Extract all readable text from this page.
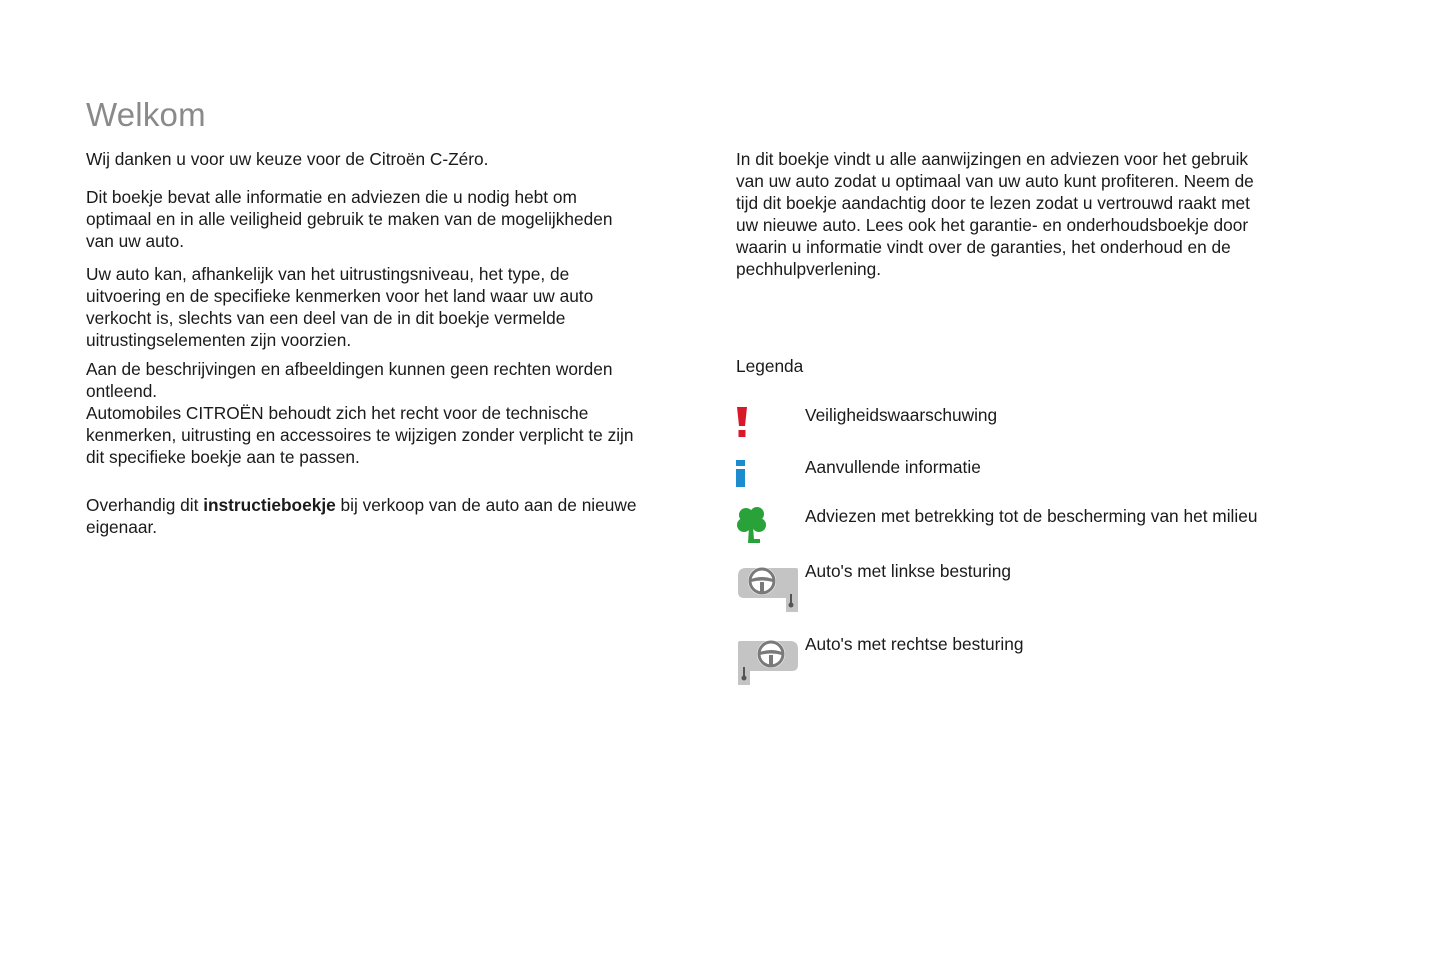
Welkom

Wij danken u voor uw keuze voor de Citroën C-Zéro.

Dit boekje bevat alle informatie en adviezen die u nodig hebt om
optimaal en in alle veiligheid gebruik te maken van de mogelijkheden
van uw auto.

Uw auto kan, afhankelijk van het uitrustingsniveau, het type, de
uitvoering en de specifieke kenmerken voor het land waar uw auto
verkocht is, slechts van een deel van de in dit boekje vermelde
uitrustingselementen zijn voorzien.

Aan de beschrijvingen en afbeeldingen kunnen geen rechten worden
ontleend.
Automobiles CITROËN behoudt zich het recht voor de technische
kenmerken, uitrusting en accessoires te wijzigen zonder verplicht te zijn
dit specifieke boekje aan te passen.

Overhandig dit instructieboekje bij verkoop van de auto aan de nieuwe
eigenaar.

In dit boekje vindt u alle aanwijzingen en adviezen voor het gebruik
van uw auto zodat u optimaal van uw auto kunt profiteren. Neem de
tijd dit boekje aandachtig door te lezen zodat u vertrouwd raakt met
uw nieuwe auto. Lees ook het garantie- en onderhoudsboekje door
waarin u informatie vindt over de garanties, het onderhoud en de
pechhulpverlening.

Legenda

Veiligheidswaarschuwing
Aanvullende informatie
Adviezen met betrekking tot de bescherming van het milieu
Auto's met linkse besturing
Auto's met rechtse besturing
